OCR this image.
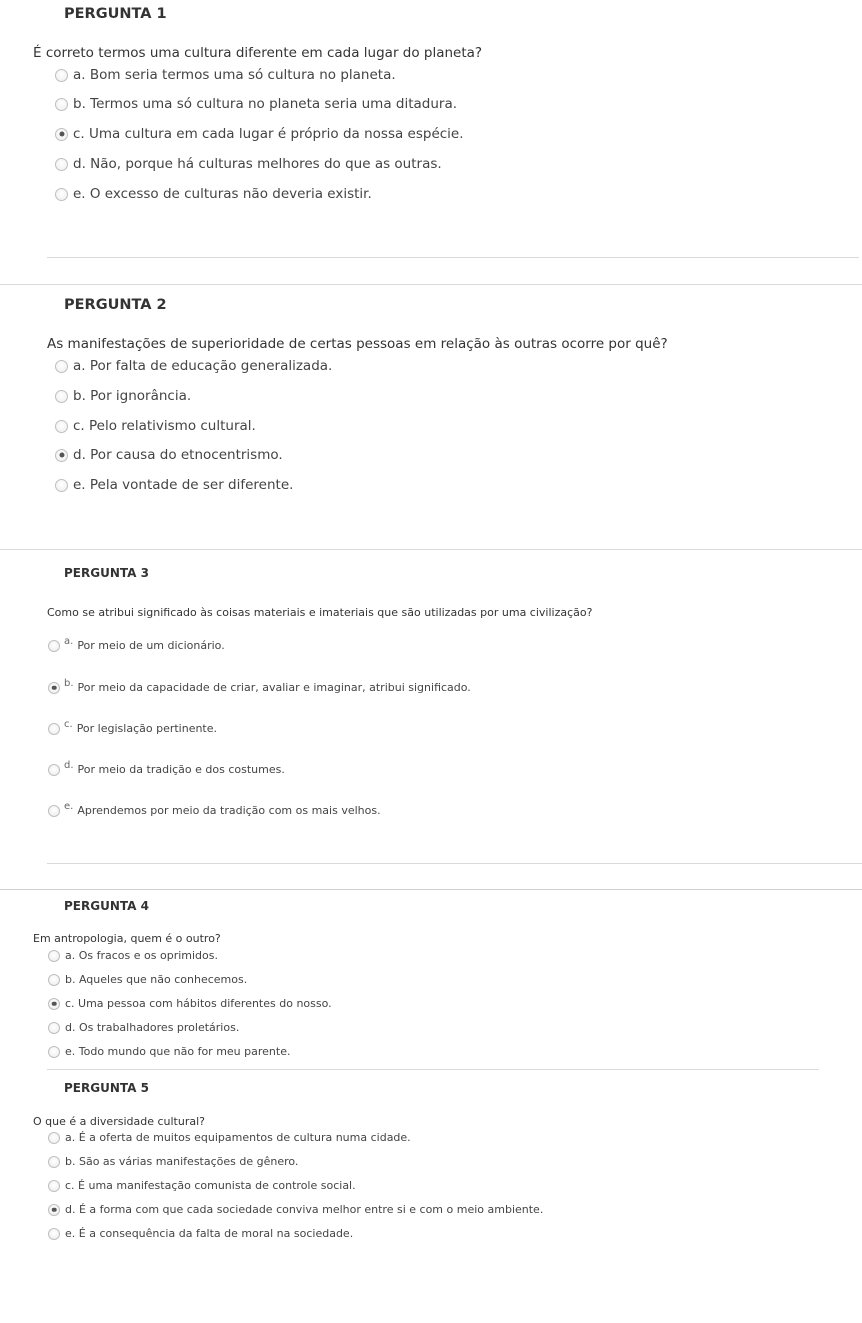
PERGUNTA 1
É correto termos uma cultura diferente em cada lugar do planeta?
a. Bom seria termos uma só cultura no planeta.
b. Termos uma só cultura no planeta seria uma ditadura.
c. Uma cultura em cada lugar é próprio da nossa espécie.
d. Não, porque há culturas melhores do que as outras.
e. O excesso de culturas não deveria existir.
PERGUNTA 2
As manifestações de superioridade de certas pessoas em relação às outras ocorre por quê?
a. Por falta de educação generalizada.
b. Por ignorância.
c. Pelo relativismo cultural.
d. Por causa do etnocentrismo.
e. Pela vontade de ser diferente.
PERGUNTA 3
Como se atribui significado às coisas materiais e imateriais que são utilizadas por uma civilização?
a. Por meio de um dicionário.
b. Por meio da capacidade de criar, avaliar e imaginar, atribui significado.
c. Por legislação pertinente.
d. Por meio da tradição e dos costumes.
e. Aprendemos por meio da tradição com os mais velhos.
PERGUNTA 4
Em antropologia, quem é o outro?
a. Os fracos e os oprimidos.
b. Aqueles que não conhecemos.
c. Uma pessoa com hábitos diferentes do nosso.
d. Os trabalhadores proletários.
e. Todo mundo que não for meu parente.
PERGUNTA 5
O que é a diversidade cultural?
a. É a oferta de muitos equipamentos de cultura numa cidade.
b. São as várias manifestações de gênero.
c. É uma manifestação comunista de controle social.
d. É a forma com que cada sociedade conviva melhor entre si e com o meio ambiente.
e. É a consequência da falta de moral na sociedade.
